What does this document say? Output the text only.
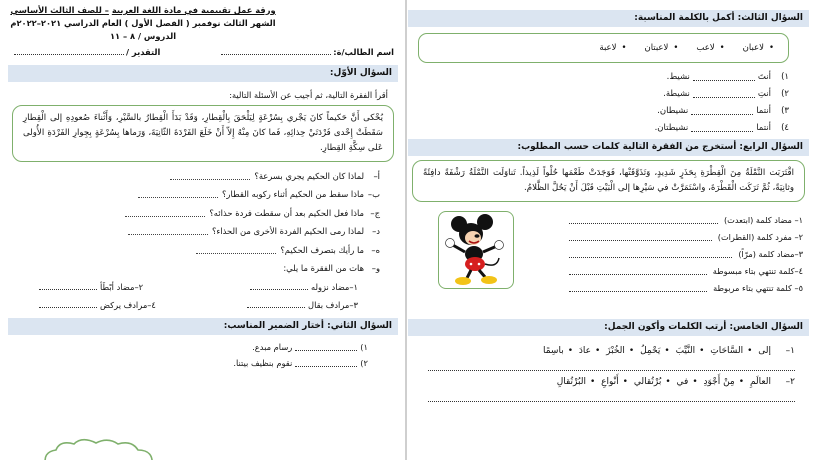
السؤال الثالث: أكمل بالكلمة المناسبة:
• لاعبان
• لاعب
• لاعبتان
• لاعبة
١)
أنتَ
نشيط.
٢)
أنتِ
نشيطة.
٣)
أنتما
نشيطان.
٤)
أنتما
نشيطتان.
السؤال الرابع: أستخرج من الفقرة التالية كلمات حسب المطلوب:
اقْتَرَبَت النَّمْلَةُ مِنَ الْقِطْرَةِ بِحَذَرٍ شَدِيدٍ، وَتَذَوَّقَتْها، فَوَجَدَتْ طَعْمَها حُلْواً لَذِيذاً. تَناوَلَت النَّمْلَةُ رَشْفَةً دافِئَةً وثانِيَةً، ثُمَّ تَرَكَت الْقَطْرَةَ، واسْتَمَرَّتْ في سَيْرِها إلى الْبَيْتِ قَبْلَ أَنْ يَحُلَّ الظَّلامُ.
١– مضاد كلمة (ابتعدت)
٢– مفرد كلمة (القطرات)
٣–مضاد كلمة (مرّاً)
٤–كلمة تنتهي بتاء مبسوطة
٥– كلمة تنتهي بتاء مربوطة
السؤال الخامس: أرتب الكلمات وأكون الجمل:
١–
إلى •
السَّاحَاتِ •
النَّيِّبَ •
يَحْمِلُ •
الخُبْزَ •
عادَ •
باسِمًا
٢–
العالَمِ •
مِنْ أَجْوَدِ •
في •
بُرْتُقالي •
أَنْواعِ •
البُرْتُقالِ
ورقة عمل تقييمية في مادة اللغة العربية – للصف الثالث الأساسي
الشهر الثالث نوفمبر ( الفصل الأول ) العام الدراسي ٢٠٢١–٢٠٢٢م
الدروس / ٨ – ١١
اسم الطالب/ة:
التقدير /
السؤال الأوّل:
أقرأ الفقرة التالية، ثم أجيب عن الأسئلة التالية:
يُحْكى أَنَّ حَكيماً كانَ يَجْري بِسُرْعَةٍ لِيَلْحَقَ بِالْقِطارِ، وَقَدْ بَدَأَ الْقِطارُ بالسَّيْرِ، وَأَثْناءَ صُعودِهِ إلى الْقِطارِ سَقَطَتْ إِحْدى فَرْدَتَيْ حِذائِهِ، فَما كانَ مِنْهُ إِلاّ أَنْ خَلَعَ الفَرْدَةَ الثّانِيَةَ، وَرَماها بِسُرْعَةٍ بِجِوارِ الفَرْدَةِ الأُولى عَلى سِكَّةِ القِطارِ.
أ–
لماذا كان الحكيم يجري بسرعة؟
ب–
ماذا سقط من الحكيم أثناء ركوبه القطار؟
ج–
ماذا فعل الحكيم بعد أن سقطت فردة حذائه؟
د–
لماذا رمى الحكيم الفردة الأخرى من الحذاء؟
ه–
ما رأيك بتصرف الحكيم؟
و–
هات من الفقرة ما يلي:
١–مضاد نزوله
٢–مضاد أبْطَأ
٣–مرادف بقال
٤–مرادف يركض
السؤال الثاني: أختار الضمير المناسب:
١)
رسام مبدع.
٢)
نقوم بنظيف بيتنا.
